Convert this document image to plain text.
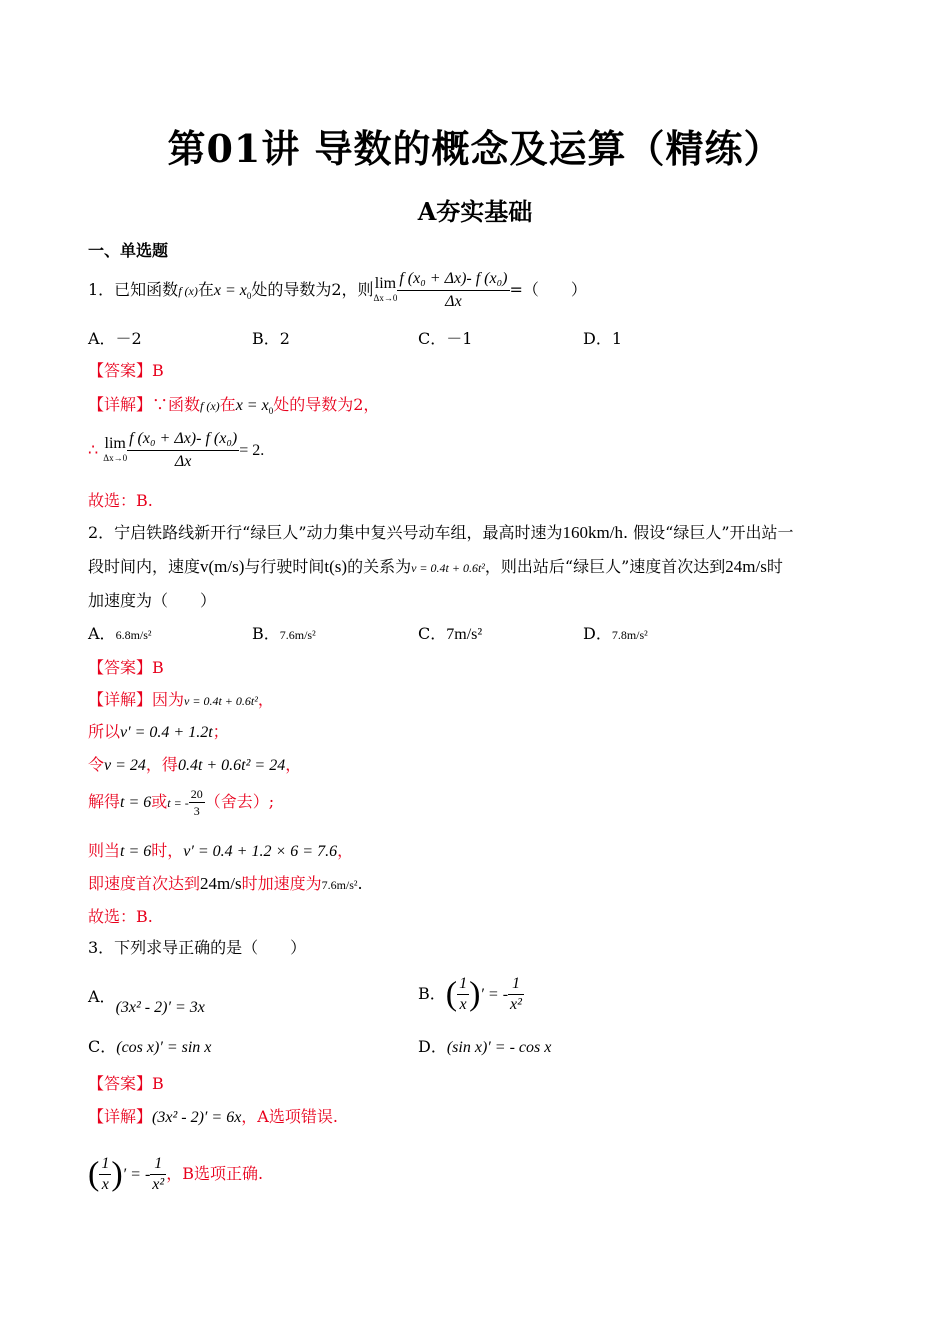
第01讲 导数的概念及运算（精练）
A夯实基础
一、单选题
1．已知函数f (x)在$x = x_0$处的导数为2，则 lim
$\Delta x\to 0 \frac{\text{f (x₀ + Δx)- f (x₀)}}{\Delta x}$ =（　　）
A．－2	B．2	C．－1	D．1
【答案】B
【详解】∵函数f (x)在$x = x_0$处的导数为2，
∴ lim
$\Delta x\to 0 \frac{\text{f (x₀ + Δx)- f (x₀)}}{\Delta x} = 2$.
故选：B.
2．宁启铁路线新开行“绿巨人”动力集中复兴号动车组，最高时速为160km/h. 假设“绿巨人”开出站一
段时间内，速度v(m/s)与行驶时间t(s)的关系为v = 0.4t + 0.6t²，则出站后“绿巨人”速度首次达到24m/s时
加速度为（　　）
A．6.8m/s²	B．7.6m/s²	C．7m/s²	D．7.8m/s²
【答案】B
【详解】因为v = 0.4t + 0.6t²，
所以v′ = 0.4 + 1.2t；
令v = 24，得0.4t + 0.6t² = 24，
解得t = 6或t = - $\frac{20}{3}$ （舍去）;
则当t = 6时，v′ = 0.4 + 1.2 × 6 = 7.6，
即速度首次达到24m/s时加速度为7.6m/s².
故选：B.
3．下列求导正确的是（　　）
A．(3x² - 2)′ = 3x
B．( $\frac{1}{x}$ )′ = - $\frac{1}{\text{x²}}$
C．(cos x)′ = sin x	D．(sin x)′ = - cos x
【答案】B
【详解】(3x² - 2)′ = 6x，A选项错误.
( $\frac{1}{x}$ )′ = - $\frac{1}{\text{x²}}$ ，B选项正确.
